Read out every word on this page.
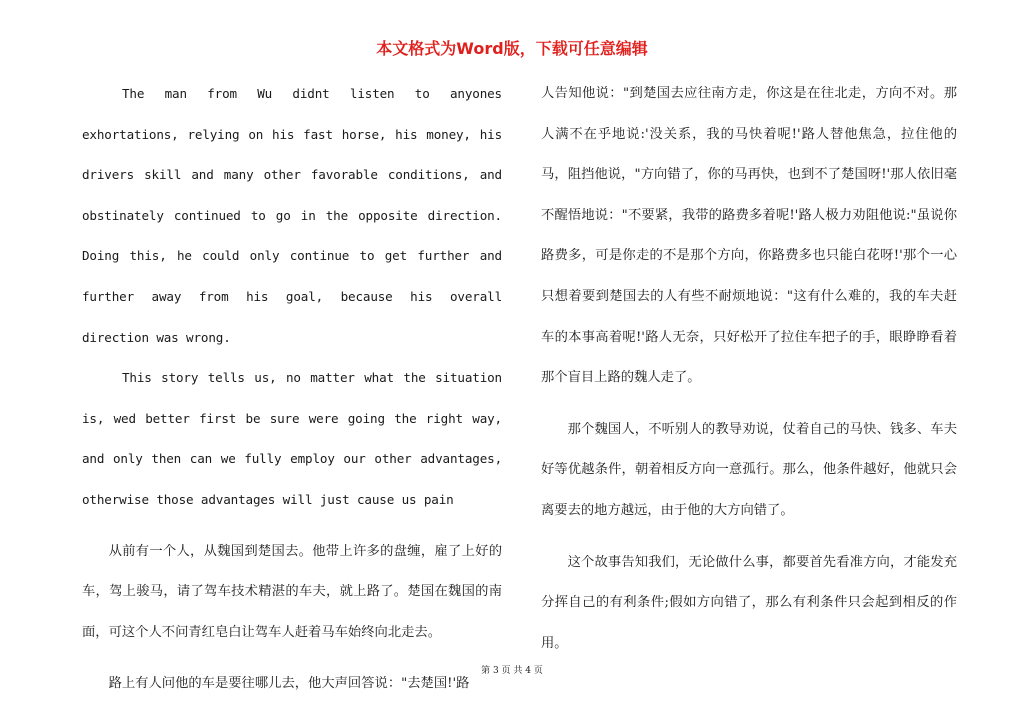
本文格式为Word版，下载可任意编辑

The man from Wu didnt listen to anyones exhortations, relying on his fast horse, his money, his drivers skill and many other favorable conditions, and obstinately continued to go in the opposite direction. Doing this, he could only continue to get further and further away from his goal, because his overall direction was wrong.

This story tells us, no matter what the situation is, wed better first be sure were going the right way, and only then can we fully employ our other advantages, otherwise those advantages will just cause us pain

从前有一个人，从魏国到楚国去。他带上许多的盘缠，雇了上好的车，驾上骏马，请了驾车技术精湛的车夫，就上路了。楚国在魏国的南面，可这个人不问青红皂白让驾车人赶着马车始终向北走去。

路上有人问他的车是要往哪儿去，他大声回答说："去楚国!'路

人告知他说："到楚国去应往南方走，你这是在往北走，方向不对。那人满不在乎地说:'没关系，我的马快着呢!'路人替他焦急，拉住他的马，阻挡他说，"方向错了，你的马再快，也到不了楚国呀!'那人依旧毫不醒悟地说："不要紧，我带的路费多着呢!'路人极力劝阻他说:"虽说你路费多，可是你走的不是那个方向，你路费多也只能白花呀!'那个一心只想着要到楚国去的人有些不耐烦地说："这有什么难的，我的车夫赶车的本事高着呢!'路人无奈，只好松开了拉住车把子的手，眼睁睁看着那个盲目上路的魏人走了。

那个魏国人，不听别人的教导劝说，仗着自己的马快、钱多、车夫好等优越条件，朝着相反方向一意孤行。那么，他条件越好，他就只会离要去的地方越远，由于他的大方向错了。

这个故事告知我们，无论做什么事，都要首先看准方向，才能发充分挥自己的有利条件;假如方向错了，那么有利条件只会起到相反的作用。

第 3 页 共 4 页
